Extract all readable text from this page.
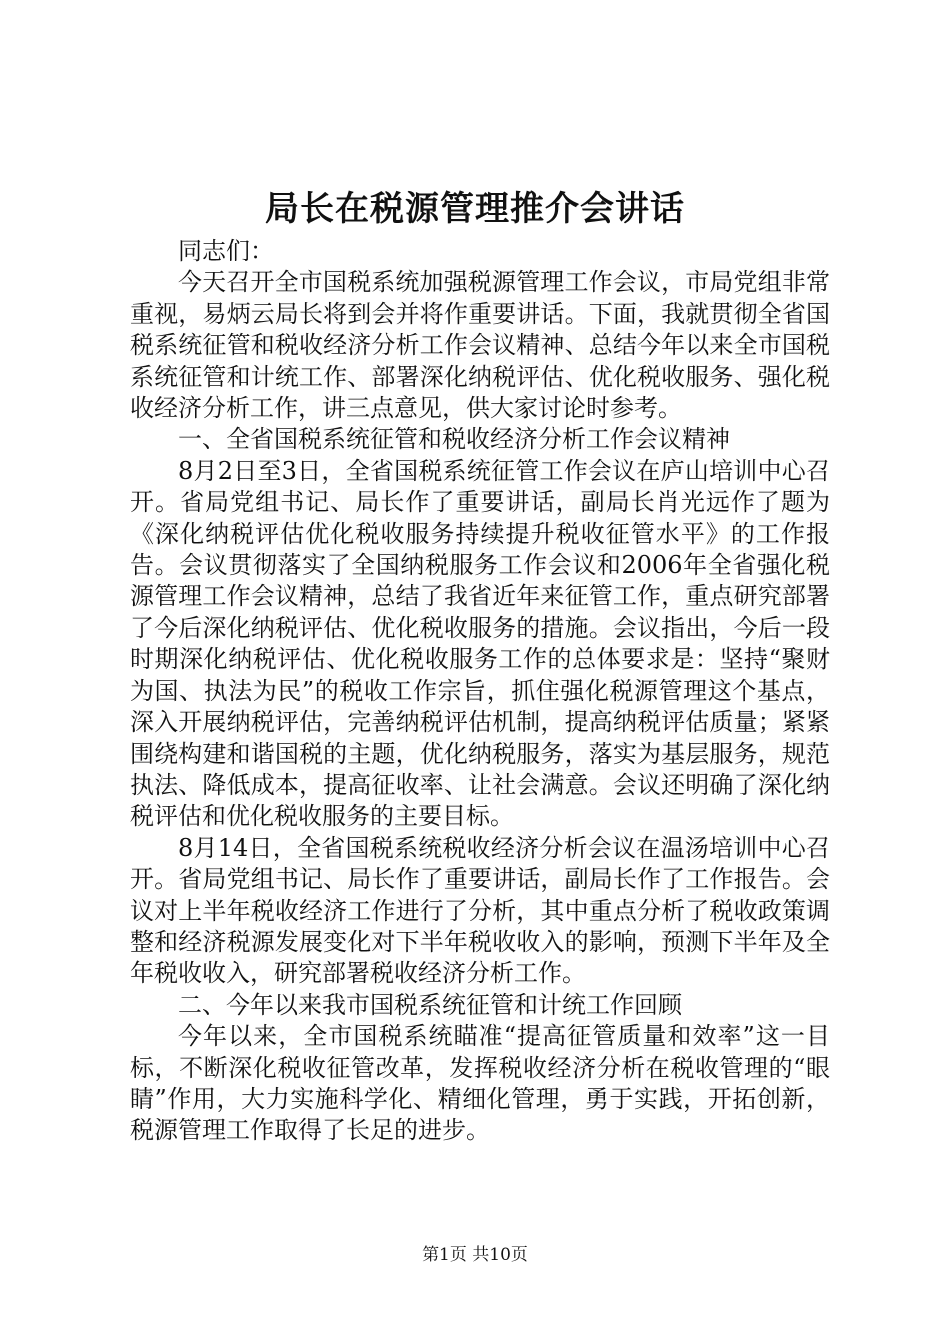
局长在税源管理推介会讲话

同志们：

今天召开全市国税系统加强税源管理工作会议，市局党组非常重视，易炳云局长将到会并将作重要讲话。下面，我就贯彻全省国税系统征管和税收经济分析工作会议精神、总结今年以来全市国税系统征管和计统工作、部署深化纳税评估、优化税收服务、强化税收经济分析工作，讲三点意见，供大家讨论时参考。

一、全省国税系统征管和税收经济分析工作会议精神

8月2日至3日，全省国税系统征管工作会议在庐山培训中心召开。省局党组书记、局长作了重要讲话，副局长肖光远作了题为《深化纳税评估优化税收服务持续提升税收征管水平》的工作报告。会议贯彻落实了全国纳税服务工作会议和2006年全省强化税源管理工作会议精神，总结了我省近年来征管工作，重点研究部署了今后深化纳税评估、优化税收服务的措施。会议指出，今后一段时期深化纳税评估、优化税收服务工作的总体要求是：坚持“聚财为国、执法为民”的税收工作宗旨，抓住强化税源管理这个基点，深入开展纳税评估，完善纳税评估机制，提高纳税评估质量；紧紧围绕构建和谐国税的主题，优化纳税服务，落实为基层服务，规范执法、降低成本，提高征收率、让社会满意。会议还明确了深化纳税评估和优化税收服务的主要目标。

8月14日，全省国税系统税收经济分析会议在温汤培训中心召开。省局党组书记、局长作了重要讲话，副局长作了工作报告。会议对上半年税收经济工作进行了分析，其中重点分析了税收政策调整和经济税源发展变化对下半年税收收入的影响，预测下半年及全年税收收入，研究部署税收经济分析工作。

二、今年以来我市国税系统征管和计统工作回顾

今年以来，全市国税系统瞄准“提高征管质量和效率”这一目标，不断深化税收征管改革，发挥税收经济分析在税收管理的“眼睛”作用，大力实施科学化、精细化管理，勇于实践，开拓创新，税源管理工作取得了长足的进步。

第1页 共10页
